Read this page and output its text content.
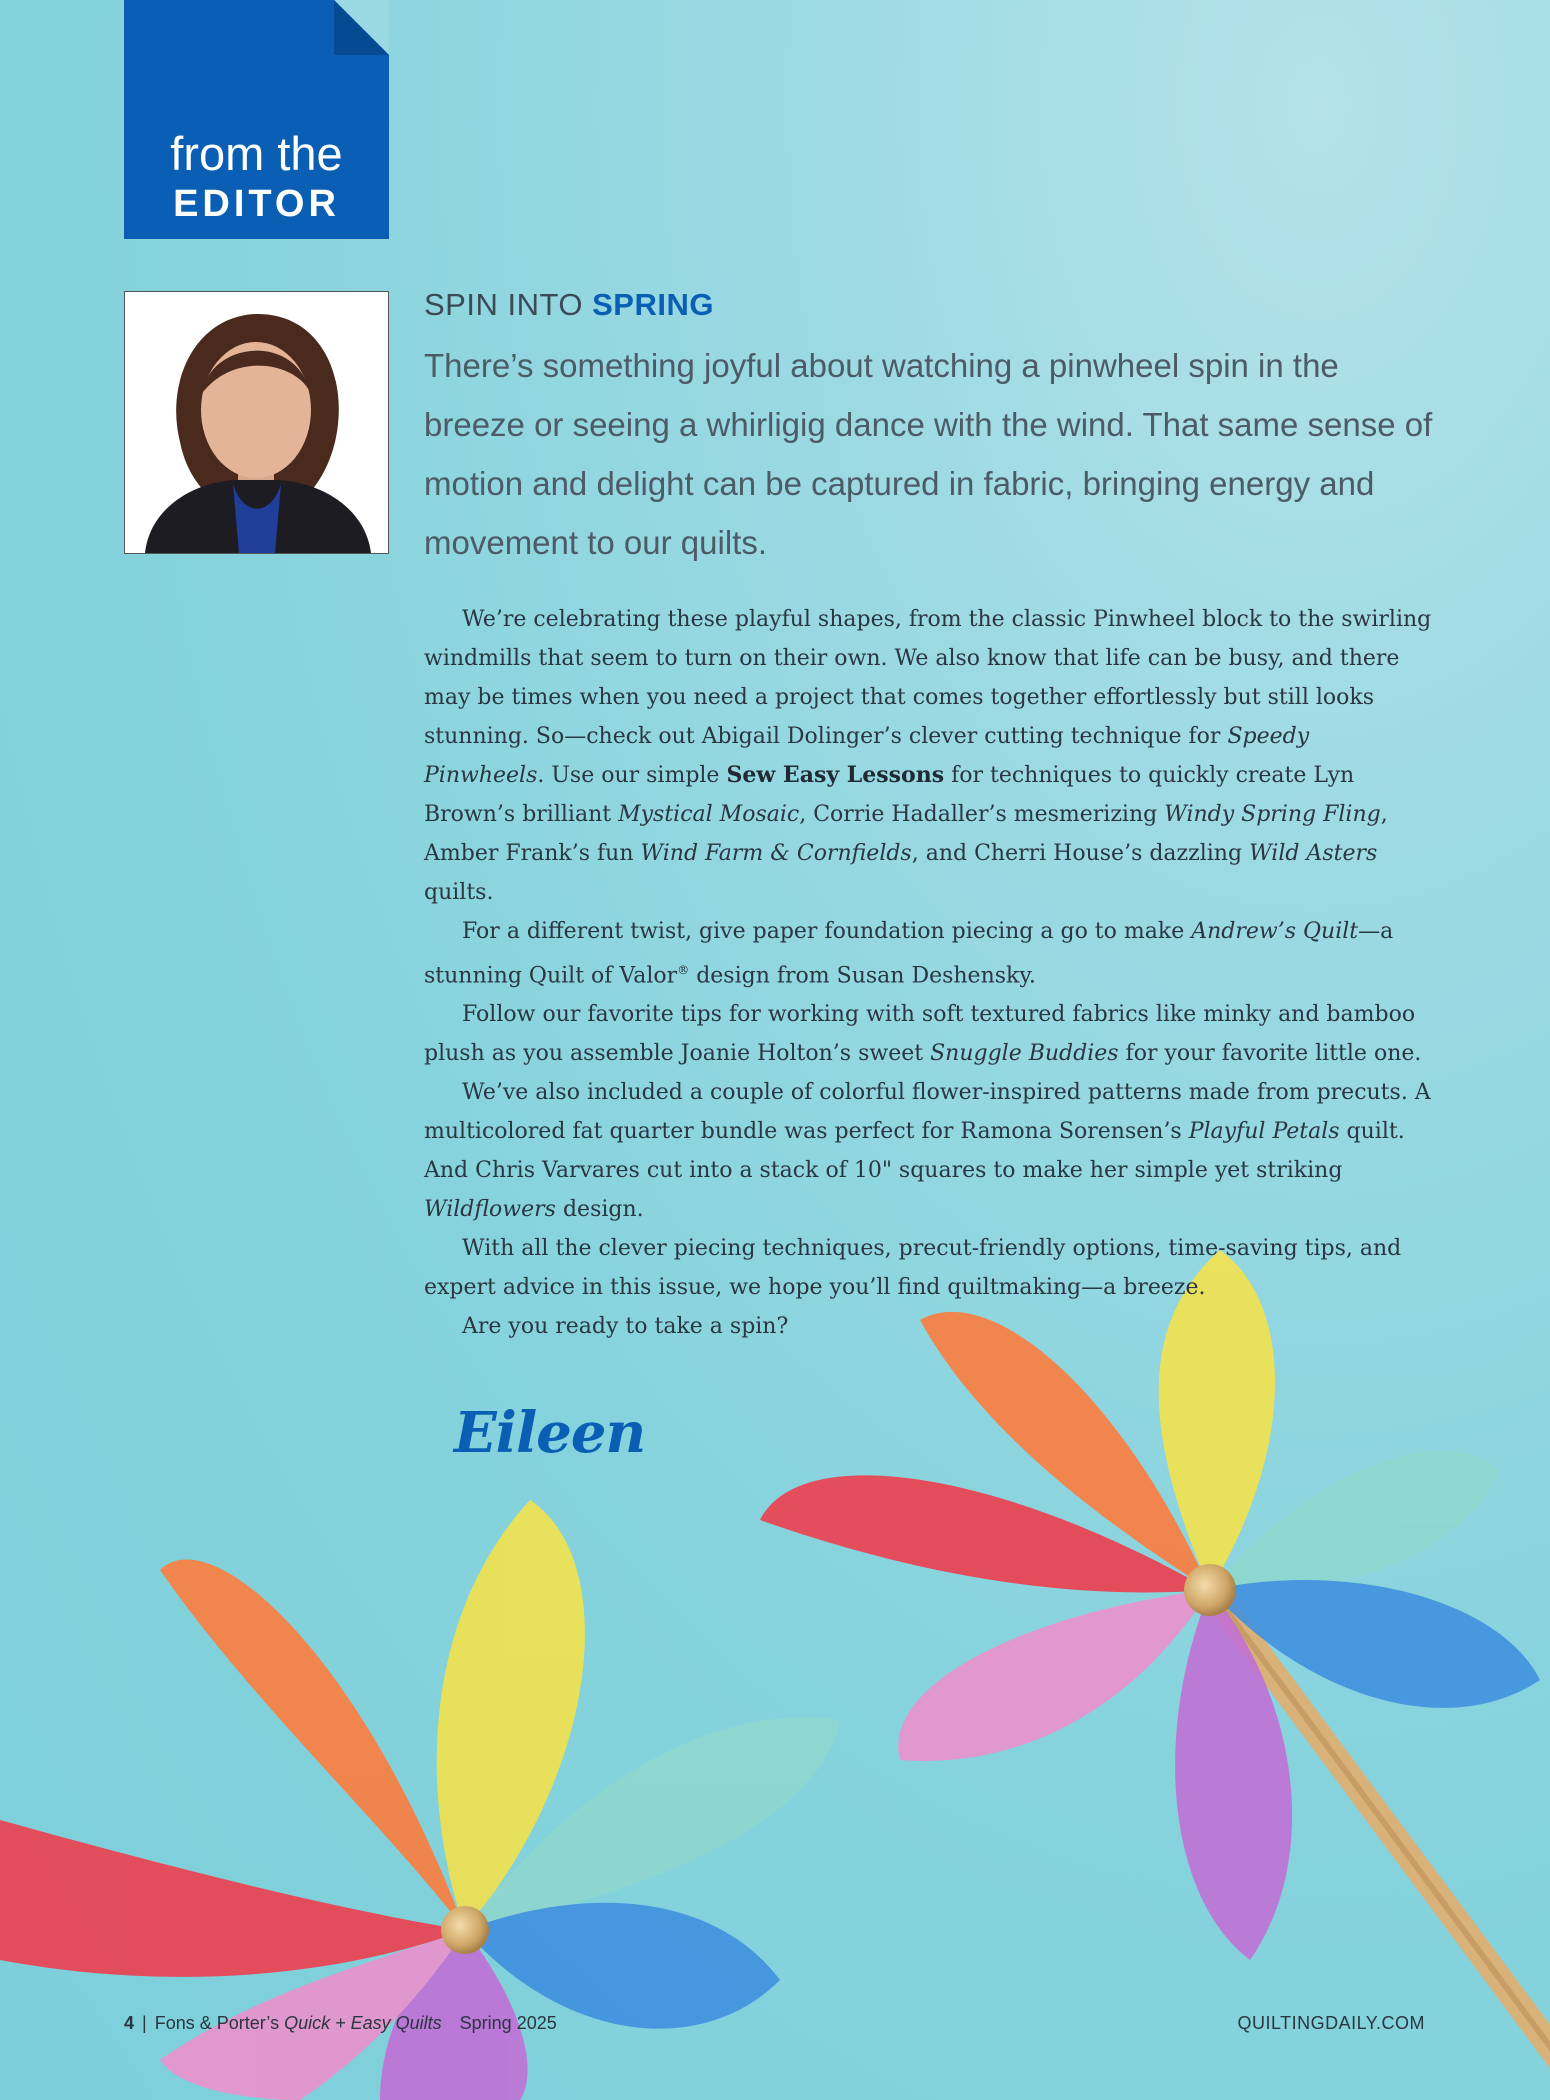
from the
EDITOR
SPIN INTO SPRING

There’s something joyful about watching a pinwheel spin in the breeze or seeing a whirligig dance with the wind. That same sense of motion and delight can be captured in fabric, bringing energy and movement to our quilts.

We’re celebrating these playful shapes, from the classic Pinwheel block to the swirling windmills that seem to turn on their own. We also know that life can be busy, and there may be times when you need a project that comes together effortlessly but still looks stunning. So—check out Abigail Dolinger’s clever cutting technique for Speedy Pinwheels. Use our simple Sew Easy Lessons for techniques to quickly create Lyn Brown’s brilliant Mystical Mosaic, Corrie Hadaller’s mesmerizing Windy Spring Fling, Amber Frank’s fun Wind Farm & Cornfields, and Cherri House’s dazzling Wild Asters quilts.

For a different twist, give paper foundation piecing a go to make Andrew’s Quilt—a stunning Quilt of Valor® design from Susan Deshensky.

Follow our favorite tips for working with soft textured fabrics like minky and bamboo plush as you assemble Joanie Holton’s sweet Snuggle Buddies for your favorite little one.

We’ve also included a couple of colorful flower-inspired patterns made from precuts. A multicolored fat quarter bundle was perfect for Ramona Sorensen’s Playful Petals quilt. And Chris Varvares cut into a stack of 10" squares to make her simple yet striking Wildflowers design.

With all the clever piecing techniques, precut-friendly options, time-saving tips, and expert advice in this issue, we hope you’ll find quiltmaking—a breeze.

Are you ready to take a spin?

Eileen
4 | Fons & Porter’s Quick + Easy Quilts Spring 2025	QUILTINGDAILY.COM
